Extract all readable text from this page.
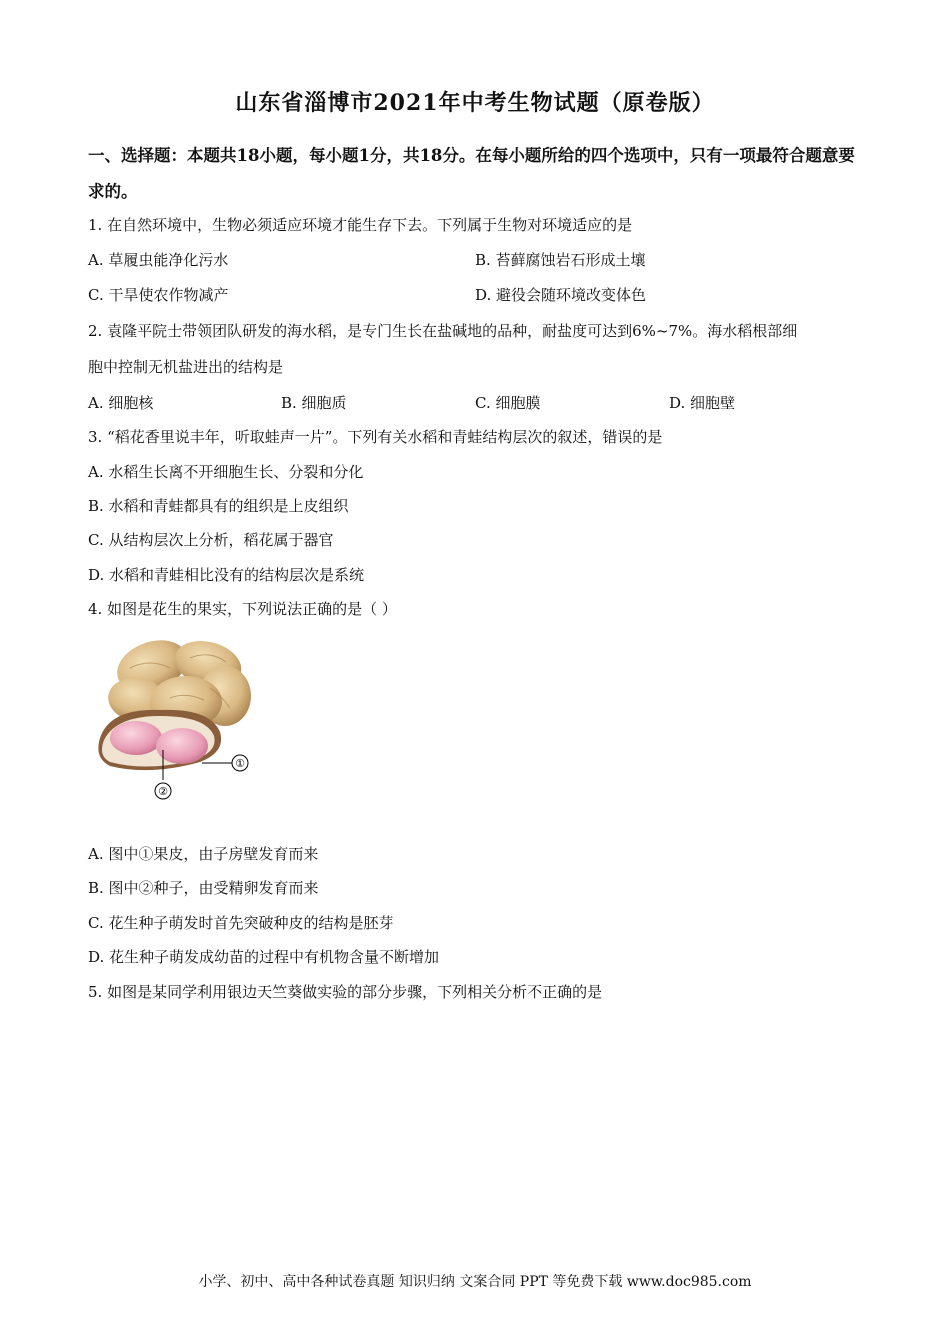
山东省淄博市2021年中考生物试题（原卷版）
一、选择题：本题共18小题，每小题1分，共18分。在每小题所给的四个选项中，只有一项最符合题意要求的。
1. 在自然环境中，生物必须适应环境才能生存下去。下列属于生物对环境适应的是
A. 草履虫能净化污水	B. 苔藓腐蚀岩石形成土壤
C. 干旱使农作物减产	D. 避役会随环境改变体色
2. 袁隆平院士带领团队研发的海水稻，是专门生长在盐碱地的品种，耐盐度可达到6%~7%。海水稻根部细
胞中控制无机盐进出的结构是
A. 细胞核	B. 细胞质	C. 细胞膜	D. 细胞壁
3. “稻花香里说丰年，听取蛙声一片”。下列有关水稻和青蛙结构层次的叙述，错误的是
A. 水稻生长离不开细胞生长、分裂和分化
B. 水稻和青蛙都具有的组织是上皮组织
C. 从结构层次上分析，稻花属于器官
D. 水稻和青蛙相比没有的结构层次是系统
4. 如图是花生的果实，下列说法正确的是（ ）
①
②
A. 图中①果皮，由子房壁发育而来
B. 图中②种子，由受精卵发育而来
C. 花生种子萌发时首先突破种皮的结构是胚芽
D. 花生种子萌发成幼苗的过程中有机物含量不断增加
5. 如图是某同学利用银边天竺葵做实验的部分步骤，下列相关分析不正确的是
小学、初中、高中各种试卷真题 知识归纳 文案合同 PPT 等免费下载 www.doc985.com
